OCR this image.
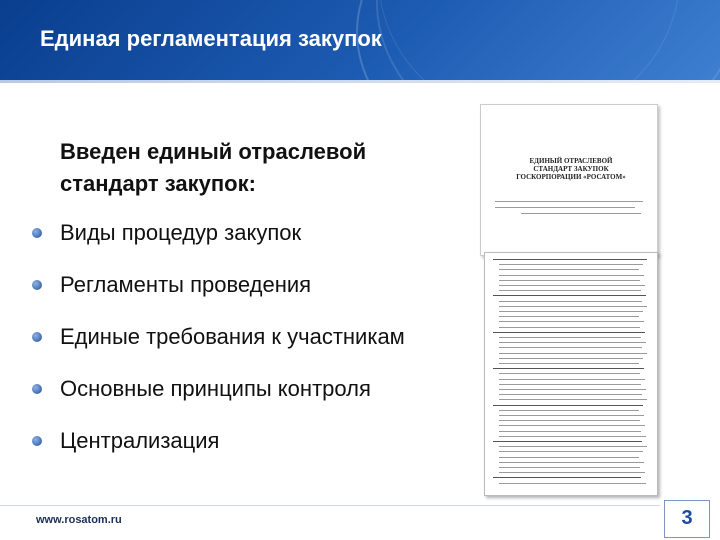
Единая регламентация закупок
Введен единый отраслевой
стандарт закупок:
Виды процедур закупок
Регламенты проведения
Единые требования к участникам
Основные принципы контроля
Централизация
ЕДИНЫЙ ОТРАСЛЕВОЙ
СТАНДАРТ ЗАКУПОК
ГОСКОРПОРАЦИИ «РОСАТОМ»
www.rosatom.ru	3
